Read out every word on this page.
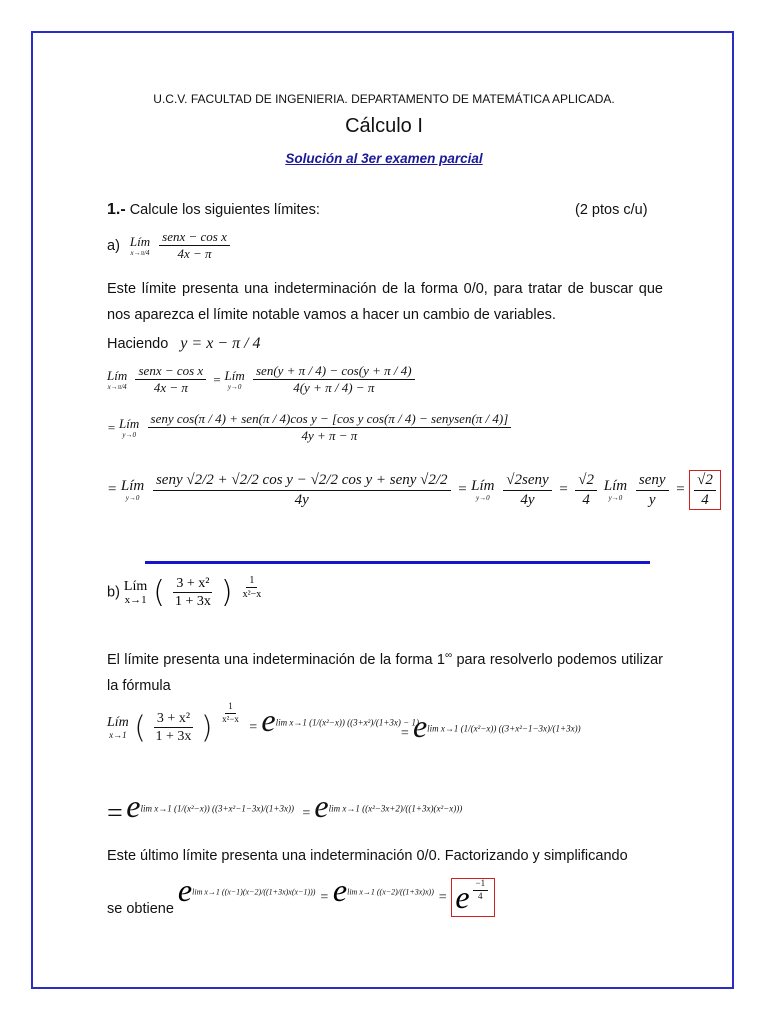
U.C.V. FACULTAD DE INGENIERIA. DEPARTAMENTO DE MATEMÁTICA APLICADA.
Cálculo I
Solución al 3er examen parcial
1.- Calcule los siguientes límites:	(2 ptos c/u)
a) Lím
x→π/4
$\frac{\text{senx − cos x}}{4x - \pi}$
Este límite presenta una indeterminación de la forma 0/0, para tratar de buscar que nos aparezca el límite notable vamos a hacer un cambio de variables.
Haciendo y = x − π / 4
Lím
x→π/4
$\frac{\text{senx − cos x}}{4x - \pi}$ = Lím
y→0
$\frac{\text{sen(y + π / 4) − cos(y + π / 4)}}{4(y + \pi / 4) - \pi}$
= Lím
y→0

seny cos(π / 4) + sen(π / 4)cos y − [cos y cos(π / 4) − senysen(π / 4)]
4y + π − π
= Lím
y→0
$\frac{\text{seny √2/2 + √2/2 cos y − √2/2 cos y + seny √2/2}}{4y}$ = Lím
y→0
$\frac{\text{√2seny}}{4y} = \frac{√2}{4}$
Lím
y→0
$\frac{\text{seny}}{y} = \frac{√2}{4}$
b) Lím
x→1 ( $\frac{\text{3 + x²}}{1 + 3x}$ ) $\frac{1}{\text{x²−x}}$
El límite presenta una indeterminación de la forma 1∞ para resolverlo podemos utilizar la fórmula
Lím
x→1 ( $\frac{\text{3 + x²}}{1 + 3x}$ ) $\frac{1}{\text{x²−x}}$
= $e^{lim x\to 1 (1/(x^2-x)) ((3+x^2)/(1+3x) - 1)}$
= $e^{lim x\to 1 (1/(x^2-x)) ((3+x^2-1-3x)/(1+3x))}$
= $e^{lim x\to 1 (1/(x^2-x)) ((3+x^2-1-3x)/(1+3x))} = e^{lim x\to 1 ((x^2-3x+2)/((1+3x)(x^2-x)))}$
Este último límite presenta una indeterminación 0/0. Factorizando y simplificando
se obtiene $e^{lim x\to 1 ((x-1)(x-2)/((1+3x)x(x-1)))} = e^{lim x\to 1 ((x-2)/((1+3x)x))} = e \frac{-1}{4}$
